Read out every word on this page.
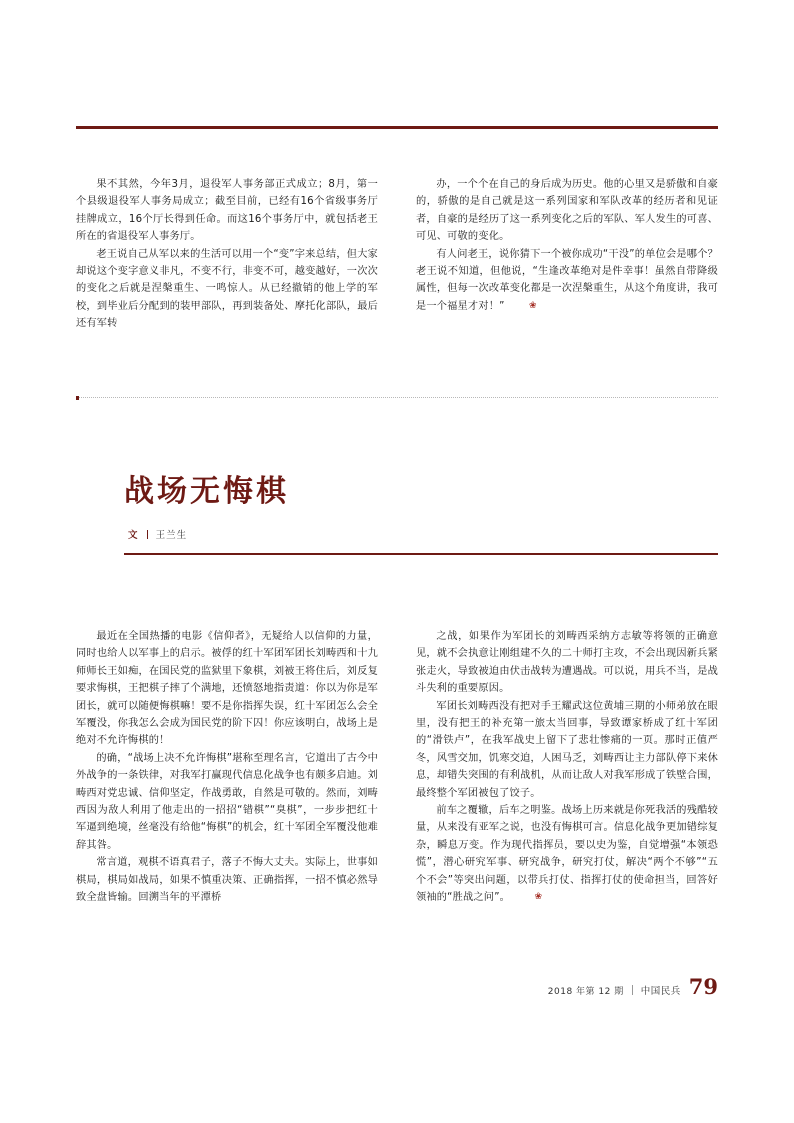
果不其然，今年3月，退役军人事务部正式成立；8月，第一个县级退役军人事务局成立；截至目前，已经有16个省级事务厅挂牌成立，16个厅长得到任命。而这16个事务厅中，就包括老王所在的省退役军人事务厅。

老王说自己从军以来的生活可以用一个“变”字来总结，但大家却说这个变字意义非凡，不变不行，非变不可，越变越好，一次次的变化之后就是涅槃重生、一鸣惊人。从已经撤销的他上学的军校，到毕业后分配到的装甲部队，再到装备处、摩托化部队，最后还有军转

办，一个个在自己的身后成为历史。他的心里又是骄傲和自豪的，骄傲的是自己就是这一系列国家和军队改革的经历者和见证者，自豪的是经历了这一系列变化之后的军队、军人发生的可喜、可见、可敬的变化。

有人问老王，说你猜下一个被你成功“干没”的单位会是哪个？老王说不知道，但他说，“生逢改革绝对是件幸事！虽然自带降级属性，但每一次改革变化都是一次涅槃重生，从这个角度讲，我可是一个福星才对！”	❀

战场无悔棋
文 王兰生

最近在全国热播的电影《信仰者》，无疑给人以信仰的力量，同时也给人以军事上的启示。被俘的红十军团军团长刘畴西和十九师师长王如痴，在国民党的监狱里下象棋，刘被王将住后，刘反复要求悔棋，王把棋子摔了个满地，还愤怒地指责道：你以为你是军团长，就可以随便悔棋嘛！要不是你指挥失误，红十军团怎么会全军覆没，你我怎么会成为国民党的阶下囚！你应该明白，战场上是绝对不允许悔棋的！

的确，“战场上决不允许悔棋”堪称至理名言，它道出了古今中外战争的一条铁律，对我军打赢现代信息化战争也有颇多启迪。刘畴西对党忠诚、信仰坚定，作战勇敢，自然是可敬的。然而，刘畴西因为敌人利用了他走出的一招招“错棋”“臭棋”，一步步把红十军逼到绝境，丝毫没有给他“悔棋”的机会，红十军团全军覆没他难辞其咎。

常言道，观棋不语真君子，落子不悔大丈夫。实际上，世事如棋局，棋局如战局，如果不慎重决策、正确指挥，一招不慎必然导致全盘皆输。回溯当年的平潭桥

之战，如果作为军团长的刘畴西采纳方志敏等将领的正确意见，就不会执意让刚组建不久的二十师打主攻，不会出现因新兵紧张走火，导致被迫由伏击战转为遭遇战。可以说，用兵不当，是战斗失利的重要原因。

军团长刘畴西没有把对手王耀武这位黄埔三期的小师弟放在眼里，没有把王的补充第一旅太当回事，导致谭家桥成了红十军团的“滑铁卢”，在我军战史上留下了悲壮惨痛的一页。那时正值严冬，风雪交加，饥寒交迫，人困马乏，刘畴西让主力部队停下来休息，却错失突围的有利战机，从而让敌人对我军形成了铁壁合围，最终整个军团被包了饺子。

前车之覆辙，后车之明鉴。战场上历来就是你死我活的残酷较量，从来没有亚军之说，也没有悔棋可言。信息化战争更加错综复杂，瞬息万变。作为现代指挥员，要以史为鉴，自觉增强“本领恐慌”，潜心研究军事、研究战争，研究打仗，解决“两个不够”“五个不会”等突出问题，以带兵打仗、指挥打仗的使命担当，回答好领袖的“胜战之问”。	❀

2018 年第 12 期 中国民兵 79
